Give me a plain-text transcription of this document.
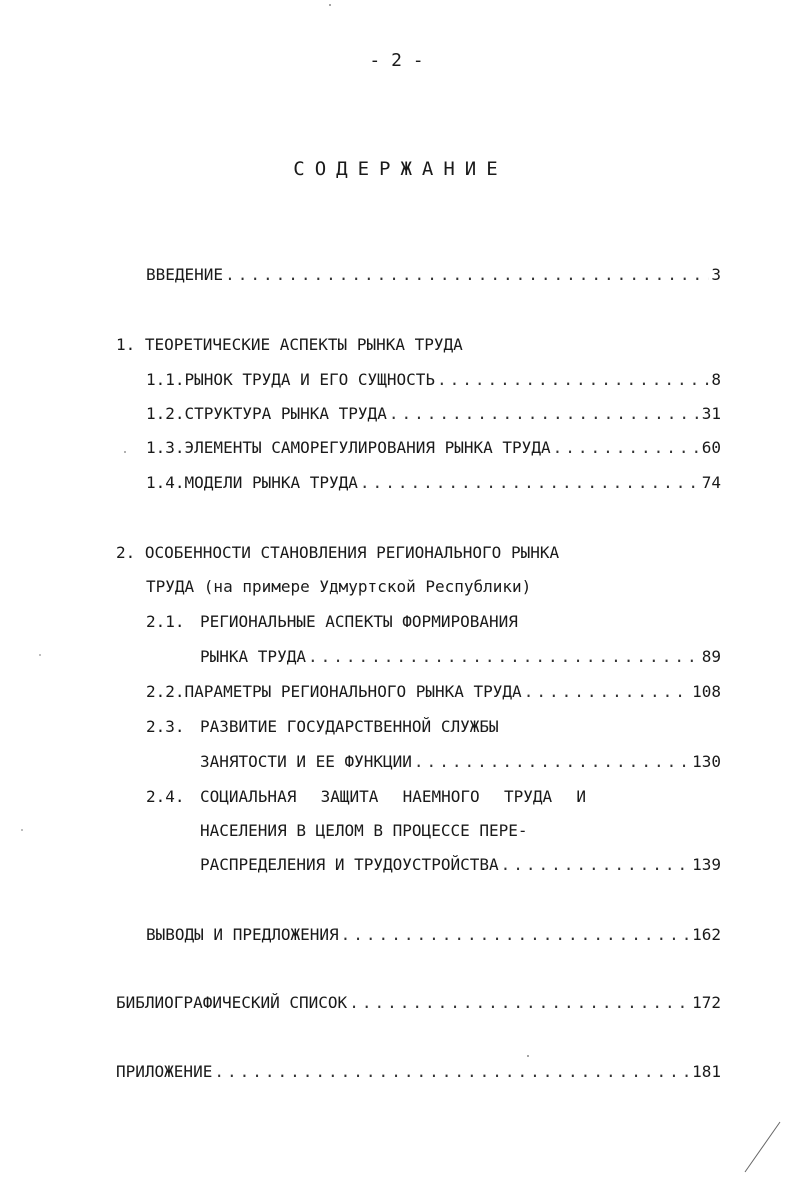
- 2 -
СОДЕРЖАНИЕ
ВВЕДЕНИЕ .....	3
1. ТЕОРЕТИЧЕСКИЕ АСПЕКТЫ РЫНКА ТРУДА
1.1. РЫНОК ТРУДА И ЕГО СУЩНОСТЬ .....	8
1.2. СТРУКТУРА РЫНКА ТРУДА .....	31
1.3. ЭЛЕМЕНТЫ САМОРЕГУЛИРОВАНИЯ РЫНКА ТРУДА .....	60
1.4. МОДЕЛИ РЫНКА ТРУДА .....	74
2. ОСОБЕННОСТИ СТАНОВЛЕНИЯ РЕГИОНАЛЬНОГО РЫНКА
ТРУДА (на примере Удмуртской Республики)
2.1. РЕГИОНАЛЬНЫЕ АСПЕКТЫ ФОРМИРОВАНИЯ
РЫНКА ТРУДА .....	89
2.2. ПАРАМЕТРЫ РЕГИОНАЛЬНОГО РЫНКА ТРУДА .....	108
2.3. РАЗВИТИЕ ГОСУДАРСТВЕННОЙ СЛУЖБЫ
ЗАНЯТОСТИ И ЕЕ ФУНКЦИИ .....	130
2.4. СОЦИАЛЬНАЯ ЗАЩИТА НАЕМНОГО ТРУДА И
НАСЕЛЕНИЯ В ЦЕЛОМ В ПРОЦЕССЕ ПЕРЕ-
РАСПРЕДЕЛЕНИЯ И ТРУДОУСТРОЙСТВА .....	139
ВЫВОДЫ И ПРЕДЛОЖЕНИЯ .....	162
БИБЛИОГРАФИЧЕСКИЙ СПИСОК .....	172
ПРИЛОЖЕНИЕ .....	181
